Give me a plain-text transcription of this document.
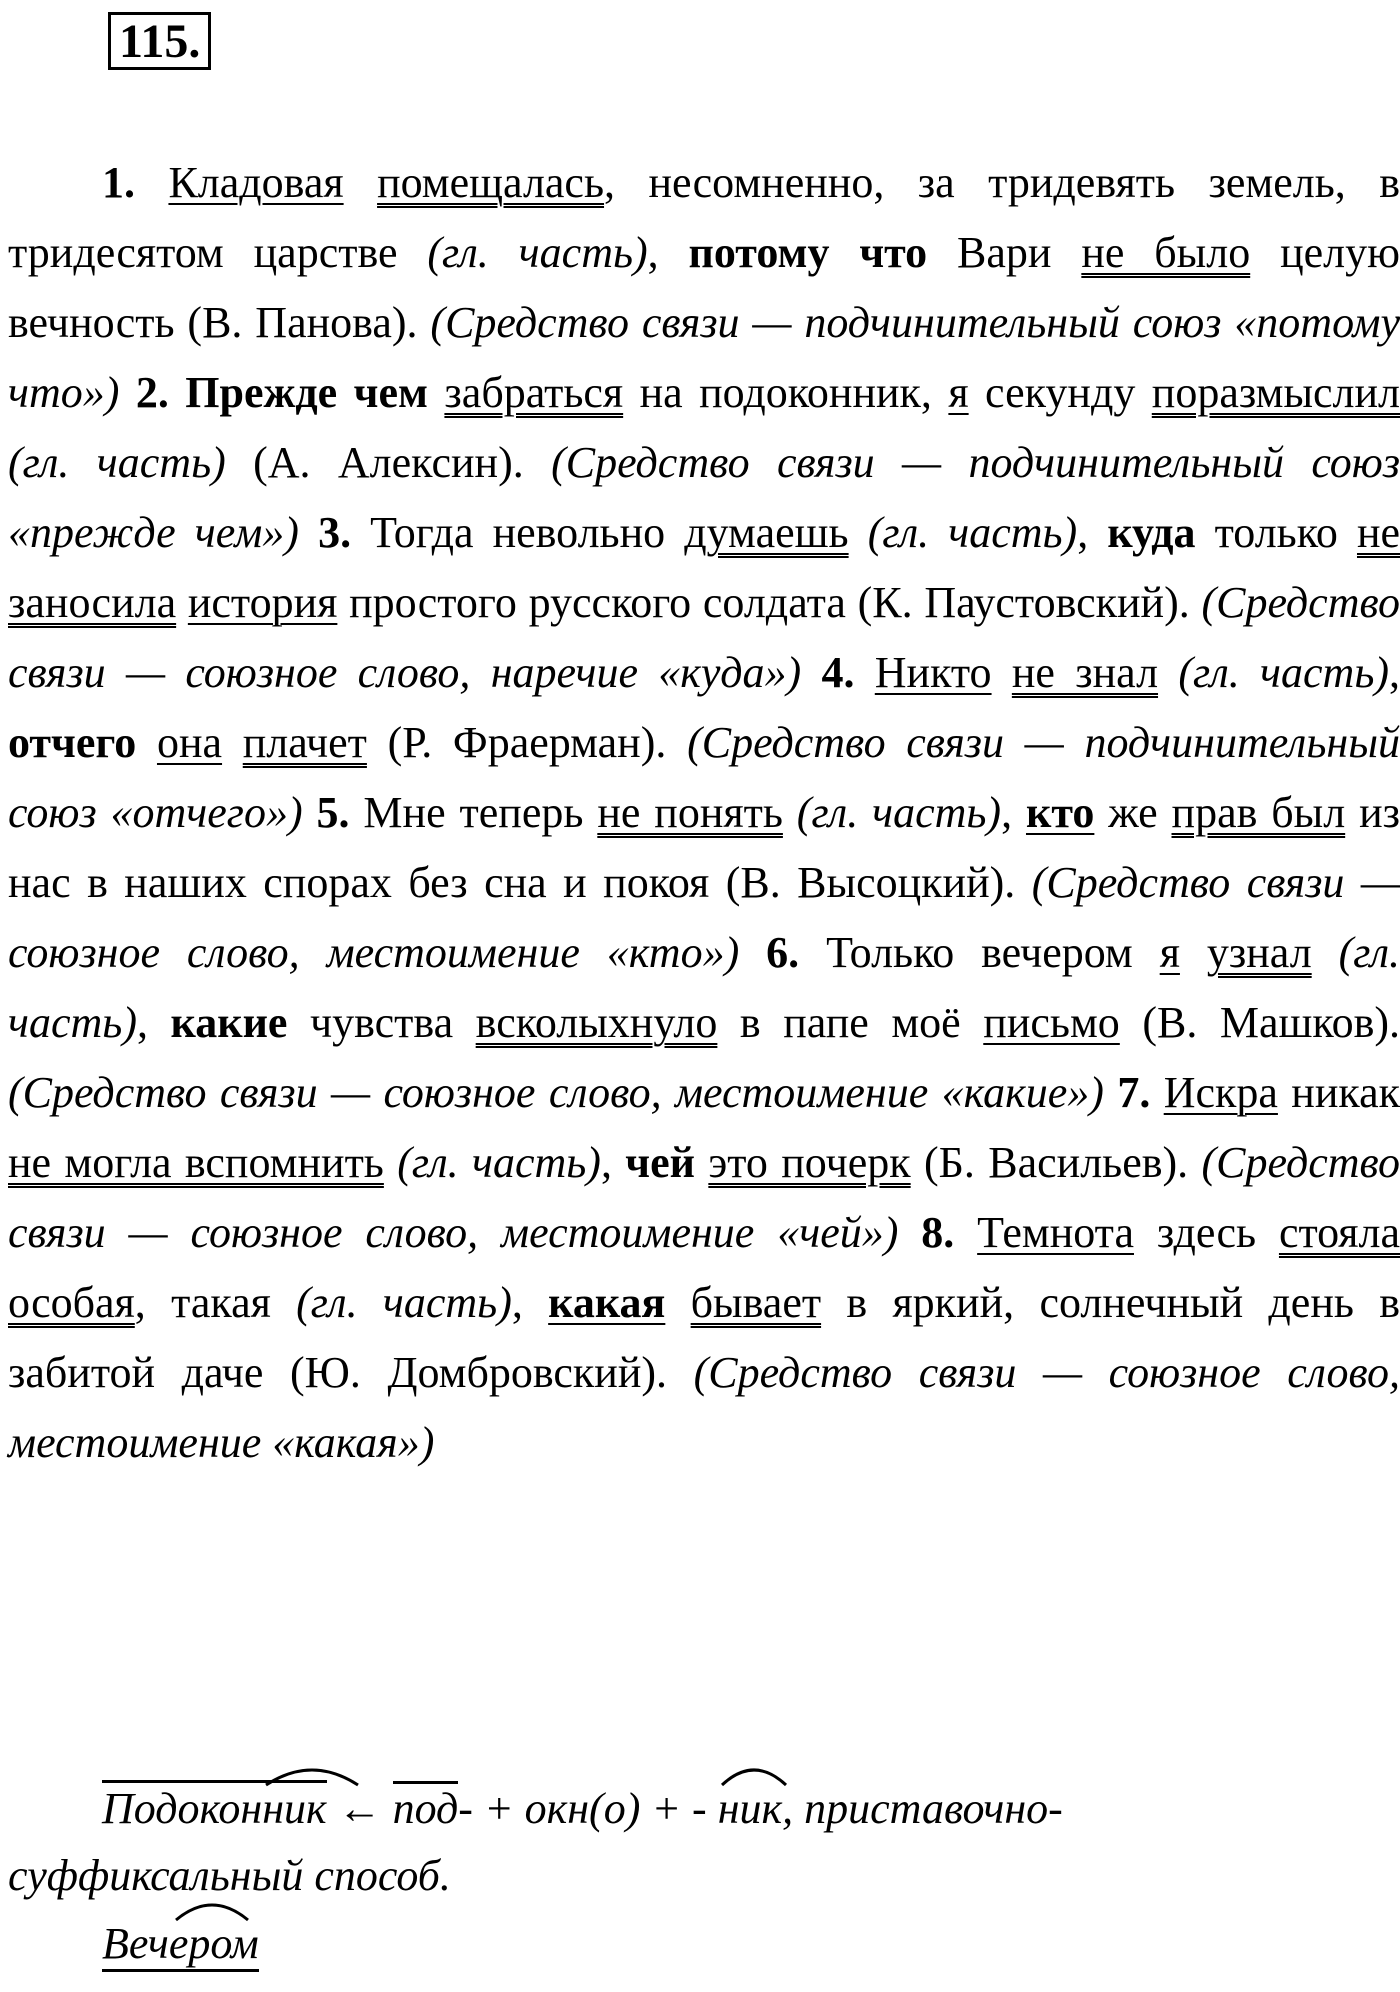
115.

1. Кладовая помещалась, несомненно, за тридевять земель, в тридесятом царстве (гл. часть), потому что Вари не было целую вечность (В. Панова). (Средство связи — подчинительный союз «потому что») 2. Прежде чем забраться на подоконник, я секунду поразмыслил (гл. часть) (А. Алексин). (Средство связи — подчинительный союз «прежде чем») 3. Тогда невольно думаешь (гл. часть), куда только не заносила история простого русского солдата (К. Паустовский). (Средство связи — союзное слово, наречие «куда») 4. Никто не знал (гл. часть), отчего она плачет (Р. Фраерман). (Средство связи — подчинительный союз «отчего») 5. Мне теперь не понять (гл. часть), кто же прав был из нас в наших спорах без сна и покоя (В. Высоцкий). (Средство связи — союзное слово, местоимение «кто») 6. Только вечером я узнал (гл. часть), какие чувства всколыхнуло в папе моё письмо (В. Машков). (Средство связи — союзное слово, местоимение «какие») 7. Искра никак не могла вспомнить (гл. часть), чей это почерк (Б. Васильев). (Средство связи — союзное слово, местоимение «чей») 8. Темнота здесь стояла особая, такая (гл. часть), какая бывает в яркий, солнечный день в забитой даче (Ю. Домбровский). (Средство связи — союзное слово, местоимение «какая»)

Подоконник ← под- + окн(о) + - ник
, приставочно-
суффиксальный способ.
Вечером
